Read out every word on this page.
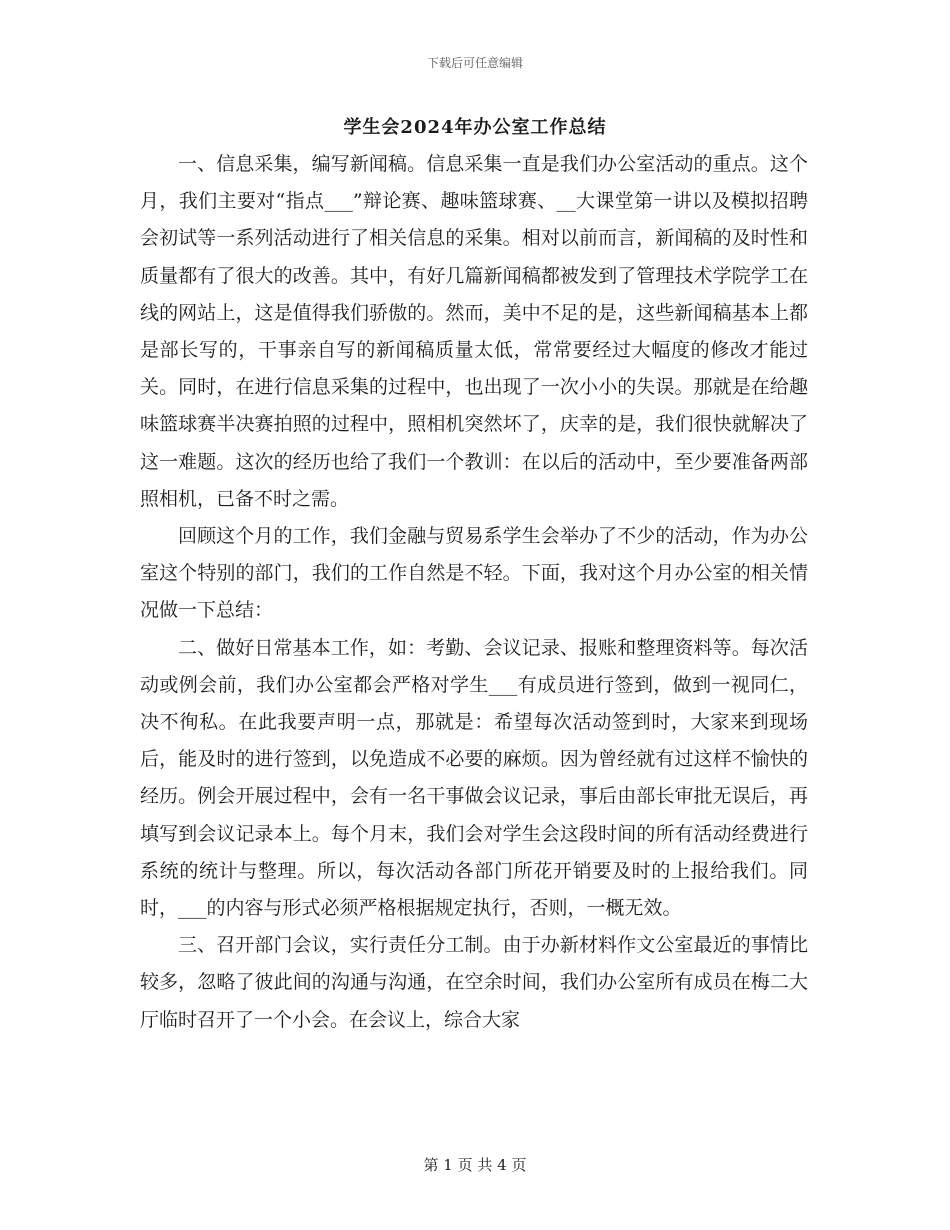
下载后可任意编辑
学生会2024年办公室工作总结

一、信息采集，编写新闻稿。信息采集一直是我们办公室活动的重点。这个月，我们主要对“指点___”辩论赛、趣味篮球赛、__大课堂第一讲以及模拟招聘会初试等一系列活动进行了相关信息的采集。相对以前而言，新闻稿的及时性和质量都有了很大的改善。其中，有好几篇新闻稿都被发到了管理技术学院学工在线的网站上，这是值得我们骄傲的。然而，美中不足的是，这些新闻稿基本上都是部长写的，干事亲自写的新闻稿质量太低，常常要经过大幅度的修改才能过关。同时，在进行信息采集的过程中，也出现了一次小小的失误。那就是在给趣味篮球赛半决赛拍照的过程中，照相机突然坏了，庆幸的是，我们很快就解决了这一难题。这次的经历也给了我们一个教训：在以后的活动中，至少要准备两部照相机，已备不时之需。

回顾这个月的工作，我们金融与贸易系学生会举办了不少的活动，作为办公室这个特别的部门，我们的工作自然是不轻。下面，我对这个月办公室的相关情况做一下总结：

二、做好日常基本工作，如：考勤、会议记录、报账和整理资料等。每次活动或例会前，我们办公室都会严格对学生___有成员进行签到，做到一视同仁，决不徇私。在此我要声明一点，那就是：希望每次活动签到时，大家来到现场后，能及时的进行签到，以免造成不必要的麻烦。因为曾经就有过这样不愉快的经历。例会开展过程中，会有一名干事做会议记录，事后由部长审批无误后，再填写到会议记录本上。每个月末，我们会对学生会这段时间的所有活动经费进行系统的统计与整理。所以，每次活动各部门所花开销要及时的上报给我们。同时，___的内容与形式必须严格根据规定执行，否则，一概无效。

三、召开部门会议，实行责任分工制。由于办新材料作文公室最近的事情比较多，忽略了彼此间的沟通与沟通，在空余时间，我们办公室所有成员在梅二大厅临时召开了一个小会。在会议上，综合大家

第 1 页 共 4 页
